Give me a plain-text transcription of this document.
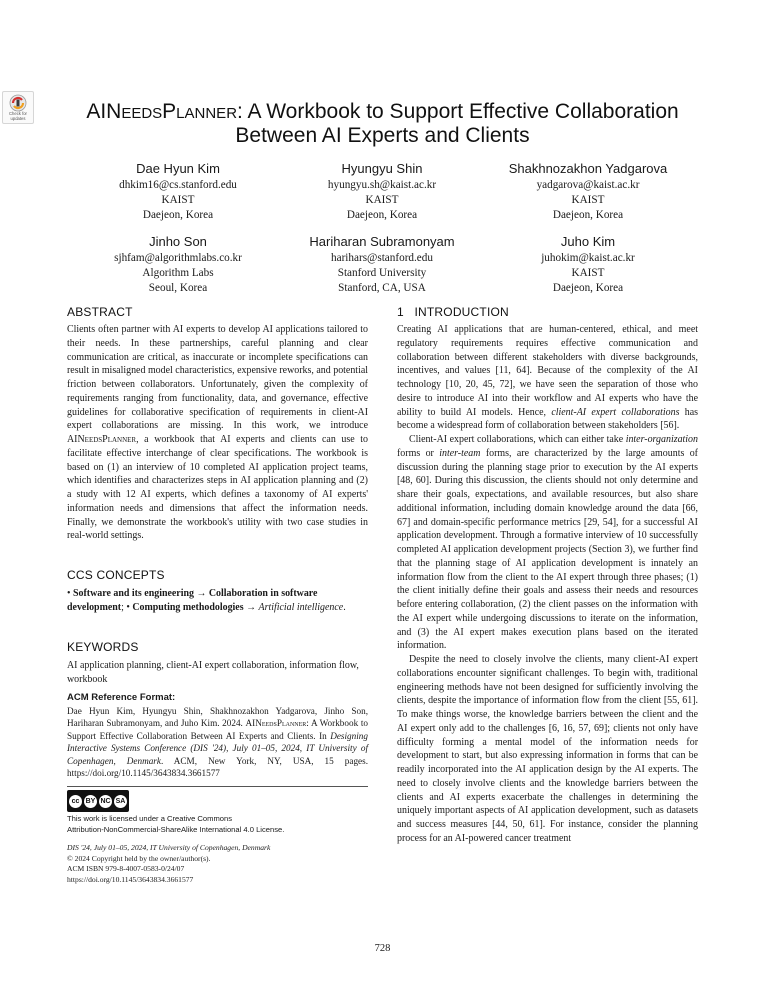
Check for
updates	AINeedsPlanner: A Workbook to Support Effective Collaboration
Between AI Experts and Clients
Dae Hyun Kim
dhkim16@cs.stanford.edu
KAIST
Daejeon, Korea
Hyungyu Shin
hyungyu.sh@kaist.ac.kr
KAIST
Daejeon, Korea
Shakhnozakhon Yadgarova
yadgarova@kaist.ac.kr
KAIST
Daejeon, Korea
Jinho Son
sjhfam@algorithmlabs.co.kr
Algorithm Labs
Seoul, Korea
Hariharan Subramonyam
harihars@stanford.edu
Stanford University
Stanford, CA, USA
Juho Kim
juhokim@kaist.ac.kr
KAIST
Daejeon, Korea
ABSTRACT

Clients often partner with AI experts to develop AI applications tailored to their needs. In these partnerships, careful planning and clear communication are critical, as inaccurate or incomplete specifications can result in misaligned model characteristics, expensive reworks, and potential friction between collaborators. Unfortunately, given the complexity of requirements ranging from functionality, data, and governance, effective guidelines for collaborative specification of requirements in client-AI expert collaborations are missing. In this work, we introduce AINeedsPlanner, a workbook that AI experts and clients can use to facilitate effective interchange of clear specifications. The workbook is based on (1) an interview of 10 completed AI application project teams, which identifies and characterizes steps in AI application planning and (2) a study with 12 AI experts, which defines a taxonomy of AI experts' information needs and dimensions that affect the information needs. Finally, we demonstrate the workbook's utility with two case studies in real-world settings.

CCS CONCEPTS

• Software and its engineering → Collaboration in software development; • Computing methodologies → Artificial intelligence.

KEYWORDS

AI application planning, client-AI expert collaboration, information flow, workbook

ACM Reference Format:

Dae Hyun Kim, Hyungyu Shin, Shakhnozakhon Yadgarova, Jinho Son, Hariharan Subramonyam, and Juho Kim. 2024. AINeedsPlanner: A Workbook to Support Effective Collaboration Between AI Experts and Clients. In Designing Interactive Systems Conference (DIS '24), July 01–05, 2024, IT University of Copenhagen, Denmark. ACM, New York, NY, USA, 15 pages. https://doi.org/10.1145/3643834.3661577

cc BY NC SA

This work is licensed under a Creative Commons

Attribution-NonCommercial-ShareAlike International 4.0 License.

DIS '24, July 01–05, 2024, IT University of Copenhagen, Denmark

© 2024 Copyright held by the owner/author(s).

ACM ISBN 979-8-4007-0583-0/24/07

https://doi.org/10.1145/3643834.3661577

1 INTRODUCTION

Creating AI applications that are human-centered, ethical, and meet regulatory requirements requires effective communication and collaboration between different stakeholders with diverse backgrounds, incentives, and values [11, 64]. Because of the complexity of the AI technology [10, 20, 45, 72], we have seen the separation of those who desire to introduce AI into their workflow and AI experts who have the ability to build AI models. Hence, client-AI expert collaborations has become a widespread form of collaboration between stakeholders [56].

Client-AI expert collaborations, which can either take inter-organization forms or inter-team forms, are characterized by the large amounts of discussion during the planning stage prior to execution by the AI experts [48, 60]. During this discussion, the clients should not only determine and share their goals, expectations, and available resources, but also share additional information, including domain knowledge around the data [66, 67] and domain-specific performance metrics [29, 54], for a successful AI application development. Through a formative interview of 10 successfully completed AI application development projects (Section 3), we further find that the planning stage of AI application development is innately an information flow from the client to the AI expert through three phases; (1) the client initially define their goals and assess their needs and resources before entering collaboration, (2) the client passes on the information with the AI expert while undergoing discussions to iterate on the information, and (3) the AI expert makes execution plans based on the iterated information.

Despite the need to closely involve the clients, many client-AI expert collaborations encounter significant challenges. To begin with, traditional engineering methods have not been designed for sufficiently involving the clients, despite the importance of information flow from the client [55, 61]. To make things worse, the knowledge barriers between the client and the AI expert only add to the challenges [6, 16, 57, 69]; clients not only have difficulty forming a mental model of the information needs for development to start, but also expressing information in forms that can be readily incorporated into the AI application design by the AI experts. The need to closely involve clients and the knowledge barriers between the clients and AI experts exacerbate the challenges in determining the uniquely important aspects of AI application development, such as datasets and success measures [44, 50, 61]. For instance, consider the planning process for an AI-powered cancer treatment

728
